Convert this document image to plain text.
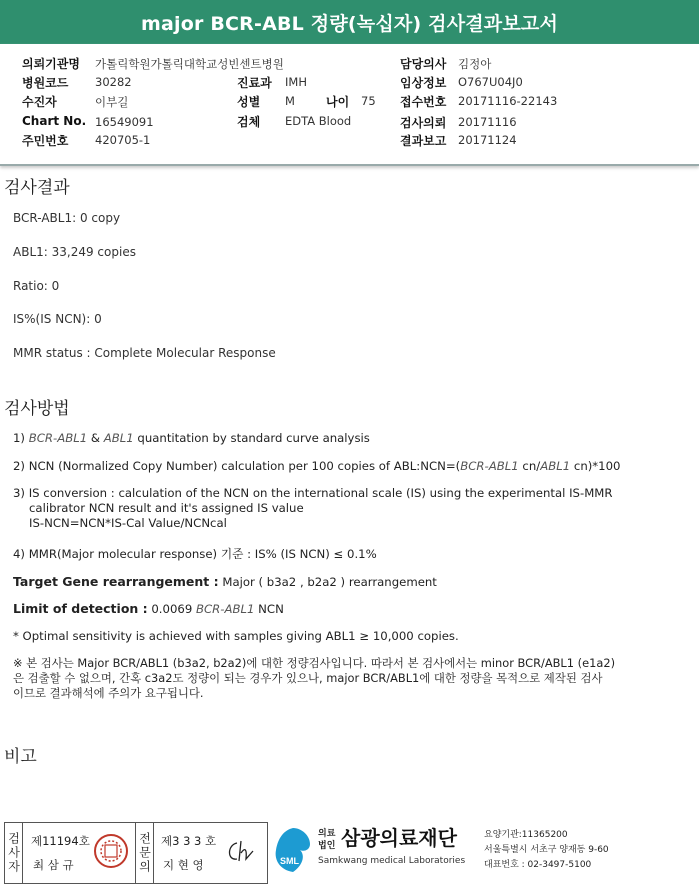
major BCR-ABL 정량(녹십자) 검사결과보고서
의뢰기관명 가톨릭학원가톨릭대학교성빈센트병원	담당의사 김정아
병원코드 30282	진료과 IMH	임상정보 O767U04J0
수진자	이부길	성별 M	나이 75 접수번호 20171116-22143
Chart No. 16549091	검체 EDTA Blood	검사의뢰 20171116
주민번호 420705-1	결과보고 20171124
검사결과
BCR-ABL1: 0 copy
ABL1: 33,249 copies
Ratio: 0
IS%(IS NCN): 0
MMR status : Complete Molecular Response
검사방법
1) BCR-ABL1 & ABL1 quantitation by standard curve analysis
2) NCN (Normalized Copy Number) calculation per 100 copies of ABL:NCN=(BCR-ABL1 cn/ABL1 cn)*100
3) IS conversion : calculation of the NCN on the international scale (IS) using the experimental IS-MMR
calibrator NCN result and it's assigned IS value
IS-NCN=NCN*IS-Cal Value/NCNcal
4) MMR(Major molecular response) 기준 : IS% (IS NCN) ≤ 0.1%
Target Gene rearrangement : Major ( b3a2 , b2a2 ) rearrangement
Limit of detection : 0.0069 BCR-ABL1 NCN
* Optimal sensitivity is achieved with samples giving ABL1 ≥ 10,000 copies.
※ 본 검사는 Major BCR/ABL1 (b3a2, b2a2)에 대한 정량검사입니다. 따라서 본 검사에서는 minor BCR/ABL1 (e1a2)
은 검출할 수 없으며, 간혹 c3a2도 정량이 되는 경우가 있으나, major BCR/ABL1에 대한 정량을 목적으로 제작된 검사
이므로 결과해석에 주의가 요구됩니다.
비고
검사자 제11194호
최 삼 규	전문의 제3 3 3 호
지 현 영	SML
의료
법인 삼광의료재단
Samkwang medical Laboratories
요양기관:11365200
서울특별시 서초구 양재동 9-60
대표번호 : 02-3497-5100
